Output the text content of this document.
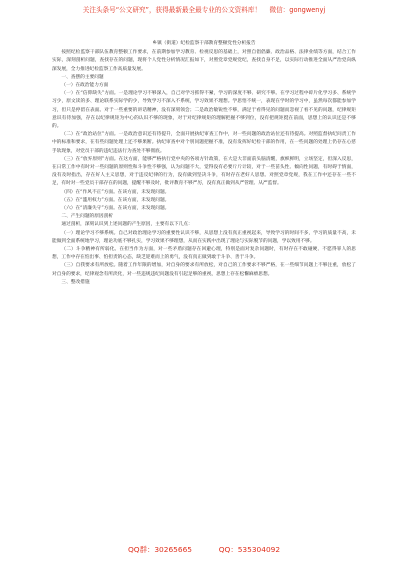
关注头条号“公文研究”，获得最新最全最专业的公文资料库！ 微信：gongwenyj
乡镇（街道）纪检监察干部教育整顿党性分析报告
按照纪检监察干部队伍教育整顿工作要求，在前期参加学习教育、检视反思的基础上，对照自倡倡廉、政治品格、法律业绩等方面，结合工作实际，深刻剖析问题，查找存在的问题，现将个人党性分析情况汇报如下，对照党章党规党纪，查找自身不足，以实际行动推进全面从严治党向纵深发展，全力推进纪检监察工作高质量发展。
一、查摆的主要问题
（一）在政治能力方面
（一）在“信仰缺失”方面。一是理论学习不够深入，自己对学习抓得不紧，学习的深度不够、研究不够。在学习过程中碎片化学习多、系统学习少，原文读的多、理论联系实际学的少，导致学习不深入不系统，学习效果不理想。学思悟不统一，表现在学时的学习中，虽然每次都能参加学习，但只是停留在表面。对于一些重要的讲话精神，没有深刻领会；二是政治敏锐性不够，满足于看得见的问题而忽视了看不见的问题，纪律规矩意识有待加强，存在以纪律规矩为中心的认识不够的现象，对于对纪律规矩的理解把握不够到位，没有把规矩挺在前面，思想上的认识还是不够的。
（二）在“政治站位”方面。一是政治意识还有待提升，全面开展执纪审查工作中，对一些问题的政治站位还有待提高。对照监督执纪问责工作中的标准和要求，在有些问题处理上还不够果断。执纪审查中对个别问题把握不准，没有发挥好纪检干部的作用，在一些问题的处理上仍存在心慈手软现象，对党员干部的违纪违法行为查处不够彻底。
（三）在“放弃原则”方面。在这方面，能够严格执行党中央的各项方针政策，在大是大非面前头脑清醒，旗帜鲜明，立场坚定，但深入反思，在日常工作中有时对一些问题的原则性和斗争性不够强，认为问题不大，觉得没有必要斤斤计较，对于一些苗头性、倾向性问题，有时碍于情面，没有及时指出，存在好人主义思想，对于违反纪律的行为，没有做到坚决斗争，有时存在老好人思想。对照党章党规，我在工作中还存在一些不足，有时对一些党员干部存在的问题，提醒不够及时，批评教育不够严厉，没有真正做到从严管理、从严监督。
（四）在“作风不正”方面。在该方面，未发现问题。
（五）在“滥用权力”方面。在该方面，未发现问题。
（六）在“清廉失守”方面。在该方面，未发现问题。
二、产生问题的原因剖析
通过剖析，深刻认识到上述问题的产生原因，主要有以下几点：
（一）理论学习不够系统。自己对政治理论学习的重要性认识不够，从思想上没有真正重视起来，导致学习的时间不多，学习的质量不高，未能做到全面系统地学习，理论功底不够扎实，学习效果不够理想，从而在实践中出现了理论与实际脱节的问题，学以致用不够。
（二）斗争精神有所弱化。在担当作为方面，对一些矛盾问题存在回避心理，特别是面对复杂问题时，有时存在不敢碰硬、不愿得罪人的思想，工作中存在怕出事、怕担责的心态，缺乏迎难而上的勇气，没有真正做到敢于斗争、善于斗争。
（三）自我要求有所放松。随着工作年限的增加，对自身的要求有所放松，对自己的工作要求不够严格，在一些细节问题上不够注重，放松了对自身的要求，纪律观念有所淡化，对一些违规违纪问题没有引起足够的重视，思想上存在松懈麻痹思想。
三、整改措施
QQ群：30265665	QQ：535304092
